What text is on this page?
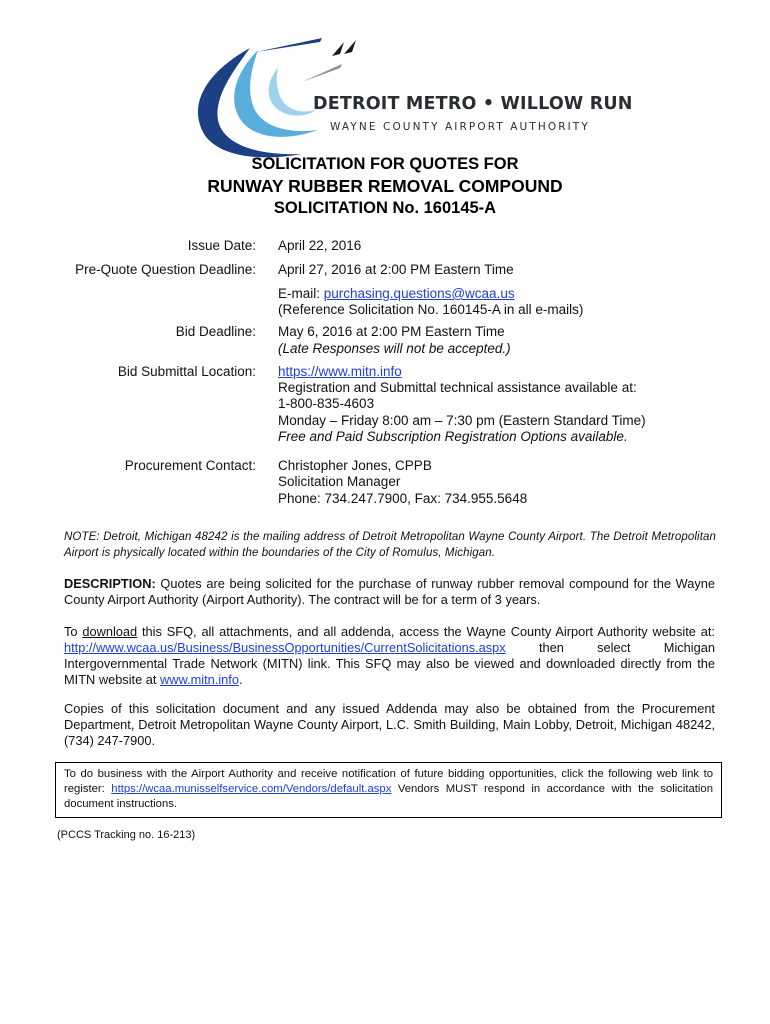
DETROIT METRO • WILLOW RUN
WAYNE COUNTY AIRPORT AUTHORITY
SOLICITATION FOR QUOTES FOR
RUNWAY RUBBER REMOVAL COMPOUND
SOLICITATION No. 160145-A
Issue Date: April 22, 2016
Pre-Quote Question Deadline: April 27, 2016 at 2:00 PM Eastern Time
E-mail: purchasing.questions@wcaa.us
(Reference Solicitation No. 160145-A in all e-mails)
Bid Deadline: May 6, 2016 at 2:00 PM Eastern Time
(Late Responses will not be accepted.)
Bid Submittal Location: https://www.mitn.info
Registration and Submittal technical assistance available at:
1-800-835-4603
Monday – Friday 8:00 am – 7:30 pm (Eastern Standard Time)
Free and Paid Subscription Registration Options available.
Procurement Contact: Christopher Jones, CPPB
Solicitation Manager
Phone: 734.247.7900, Fax: 734.955.5648
NOTE: Detroit, Michigan 48242 is the mailing address of Detroit Metropolitan Wayne County Airport. The Detroit Metropolitan Airport is physically located within the boundaries of the City of Romulus, Michigan.
DESCRIPTION: Quotes are being solicited for the purchase of runway rubber removal compound for the Wayne County Airport Authority (Airport Authority). The contract will be for a term of 3 years.
To download this SFQ, all attachments, and all addenda, access the Wayne County Airport Authority website at: http://www.wcaa.us/Business/BusinessOpportunities/CurrentSolicitations.aspx then select Michigan Intergovernmental Trade Network (MITN) link. This SFQ may also be viewed and downloaded directly from the MITN website at www.mitn.info.
Copies of this solicitation document and any issued Addenda may also be obtained from the Procurement Department, Detroit Metropolitan Wayne County Airport, L.C. Smith Building, Main Lobby, Detroit, Michigan 48242, (734) 247-7900.
To do business with the Airport Authority and receive notification of future bidding opportunities, click the following web link to register: https://wcaa.munisselfservice.com/Vendors/default.aspx Vendors MUST respond in accordance with the solicitation document instructions.
(PCCS Tracking no. 16-213)
